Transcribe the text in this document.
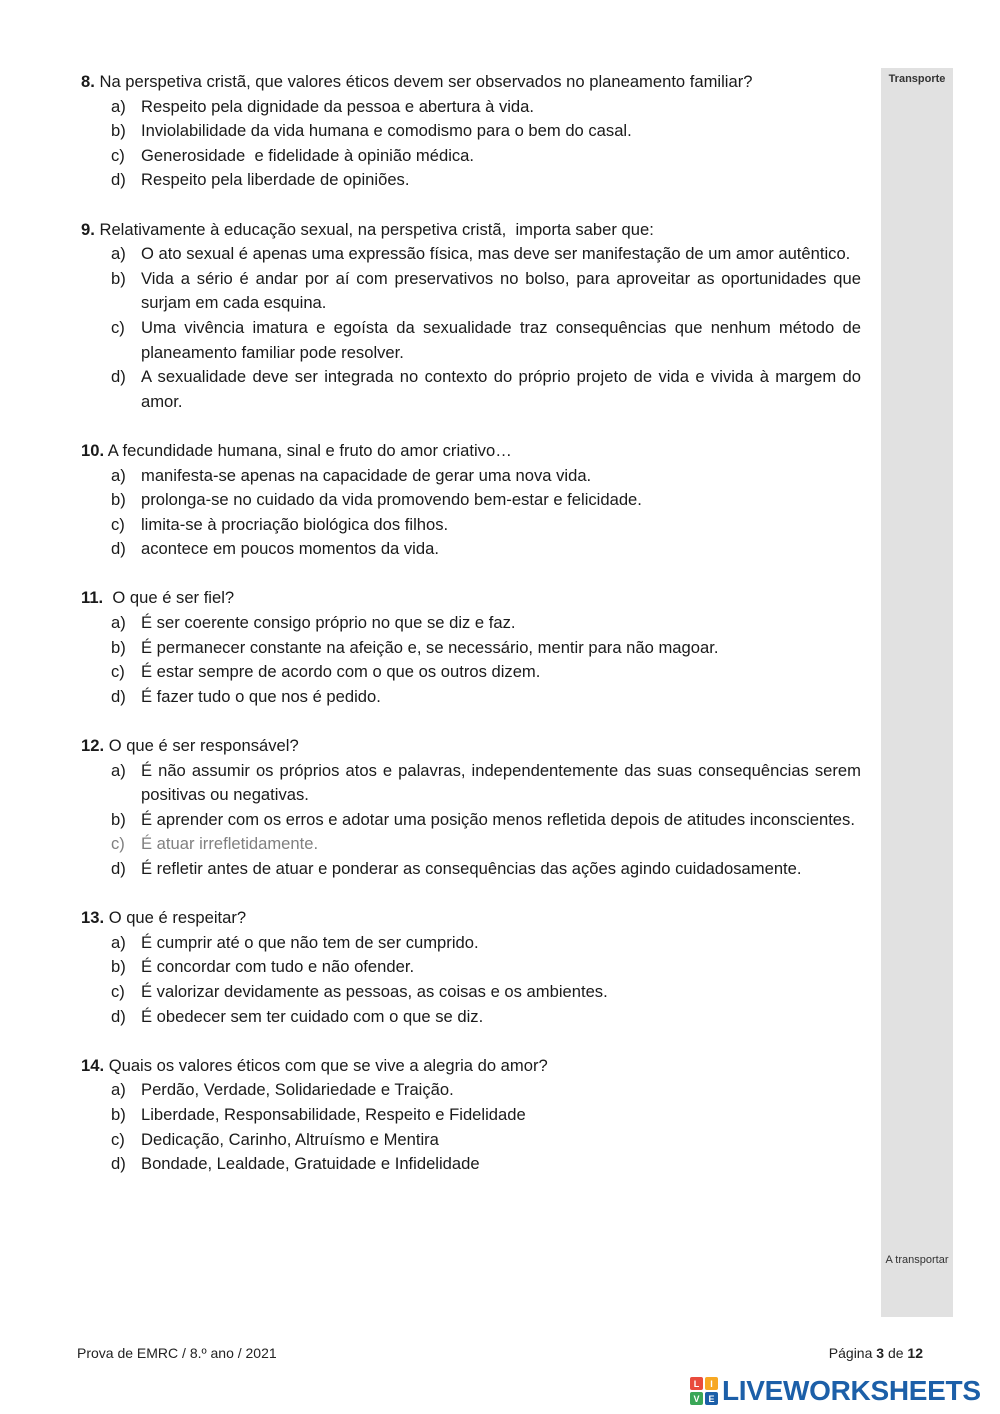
Transporte
A transportar
8. Na perspetiva cristã, que valores éticos devem ser observados no planeamento familiar?
a) Respeito pela dignidade da pessoa e abertura à vida.
b) Inviolabilidade da vida humana e comodismo para o bem do casal.
c) Generosidade  e fidelidade à opinião médica.
d) Respeito pela liberdade de opiniões.
9. Relativamente à educação sexual, na perspetiva cristã,  importa saber que:
a) O ato sexual é apenas uma expressão física, mas deve ser manifestação de um amor autêntico.
b) Vida a sério é andar por aí com preservativos no bolso, para aproveitar as oportunidades que surjam em cada esquina.
c) Uma vivência imatura e egoísta da sexualidade traz consequências que nenhum método de planeamento familiar pode resolver.
d) A sexualidade deve ser integrada no contexto do próprio projeto de vida e vivida à margem do amor.
10. A fecundidade humana, sinal e fruto do amor criativo…
a) manifesta-se apenas na capacidade de gerar uma nova vida.
b) prolonga-se no cuidado da vida promovendo bem-estar e felicidade.
c) limita-se à procriação biológica dos filhos.
d) acontece em poucos momentos da vida.
11.  O que é ser fiel?
a) É ser coerente consigo próprio no que se diz e faz.
b) É permanecer constante na afeição e, se necessário, mentir para não magoar.
c) É estar sempre de acordo com o que os outros dizem.
d) É fazer tudo o que nos é pedido.
12. O que é ser responsável?
a) É não assumir os próprios atos e palavras, independentemente das suas consequências serem positivas ou negativas.
b) É aprender com os erros e adotar uma posição menos refletida depois de atitudes inconscientes.
c) É atuar irrefletidamente.
d) É refletir antes de atuar e ponderar as consequências das ações agindo cuidadosamente.
13. O que é respeitar?
a) É cumprir até o que não tem de ser cumprido.
b) É concordar com tudo e não ofender.
c) É valorizar devidamente as pessoas, as coisas e os ambientes.
d) É obedecer sem ter cuidado com o que se diz.
14. Quais os valores éticos com que se vive a alegria do amor?
a) Perdão, Verdade, Solidariedade e Traição.
b) Liberdade, Responsabilidade, Respeito e Fidelidade
c) Dedicação, Carinho, Altruísmo e Mentira
d) Bondade, Lealdade, Gratuidade e Infidelidade
Prova de EMRC / 8.º ano / 2021	Página 3 de 12
L	I
V E LIVEWORKSHEETS
